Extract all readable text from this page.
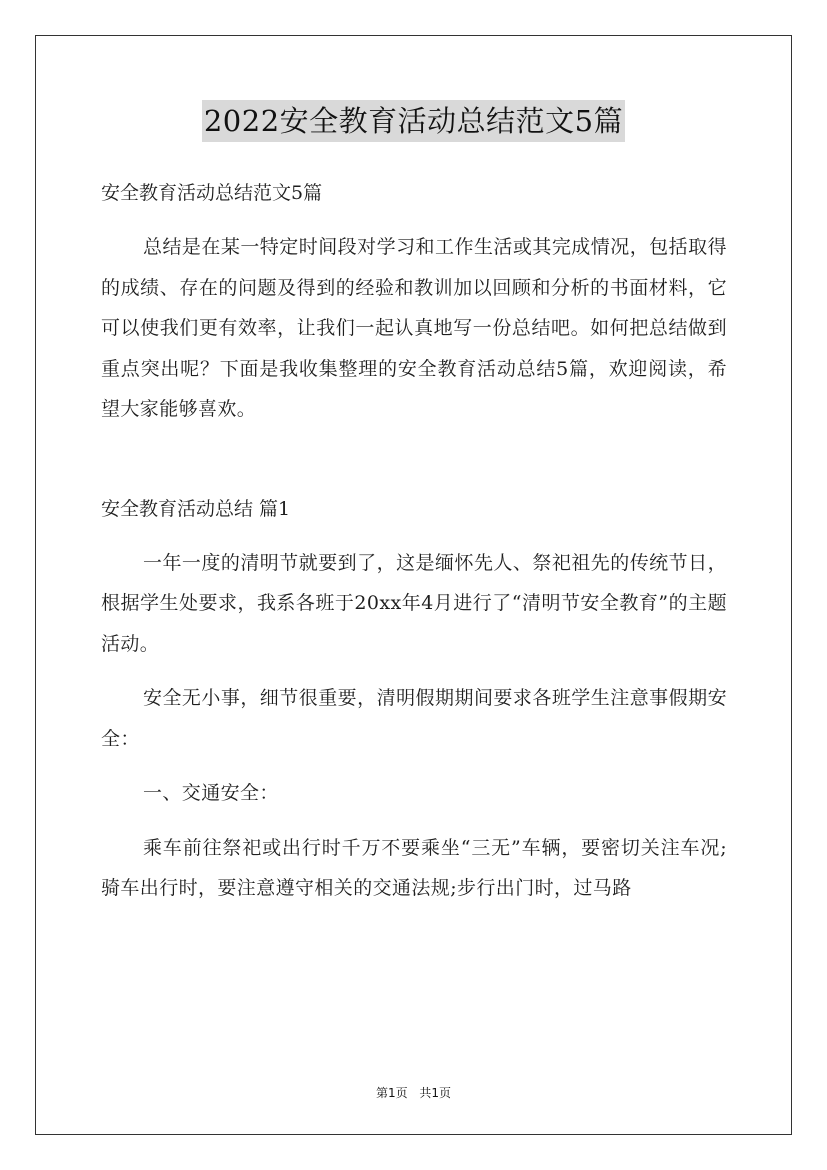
2022安全教育活动总结范文5篇

安全教育活动总结范文5篇

总结是在某一特定时间段对学习和工作生活或其完成情况，包括取得的成绩、存在的问题及得到的经验和教训加以回顾和分析的书面材料，它可以使我们更有效率，让我们一起认真地写一份总结吧。如何把总结做到重点突出呢？下面是我收集整理的安全教育活动总结5篇，欢迎阅读，希望大家能够喜欢。

安全教育活动总结 篇1

一年一度的清明节就要到了，这是缅怀先人、祭祀祖先的传统节日，根据学生处要求，我系各班于20xx年4月进行了“清明节安全教育”的主题活动。

安全无小事，细节很重要，清明假期期间要求各班学生注意事假期安全：

一、交通安全：

乘车前往祭祀或出行时千万不要乘坐“三无”车辆，要密切关注车况;骑车出行时，要注意遵守相关的交通法规;步行出门时，过马路

第1页 共1页
